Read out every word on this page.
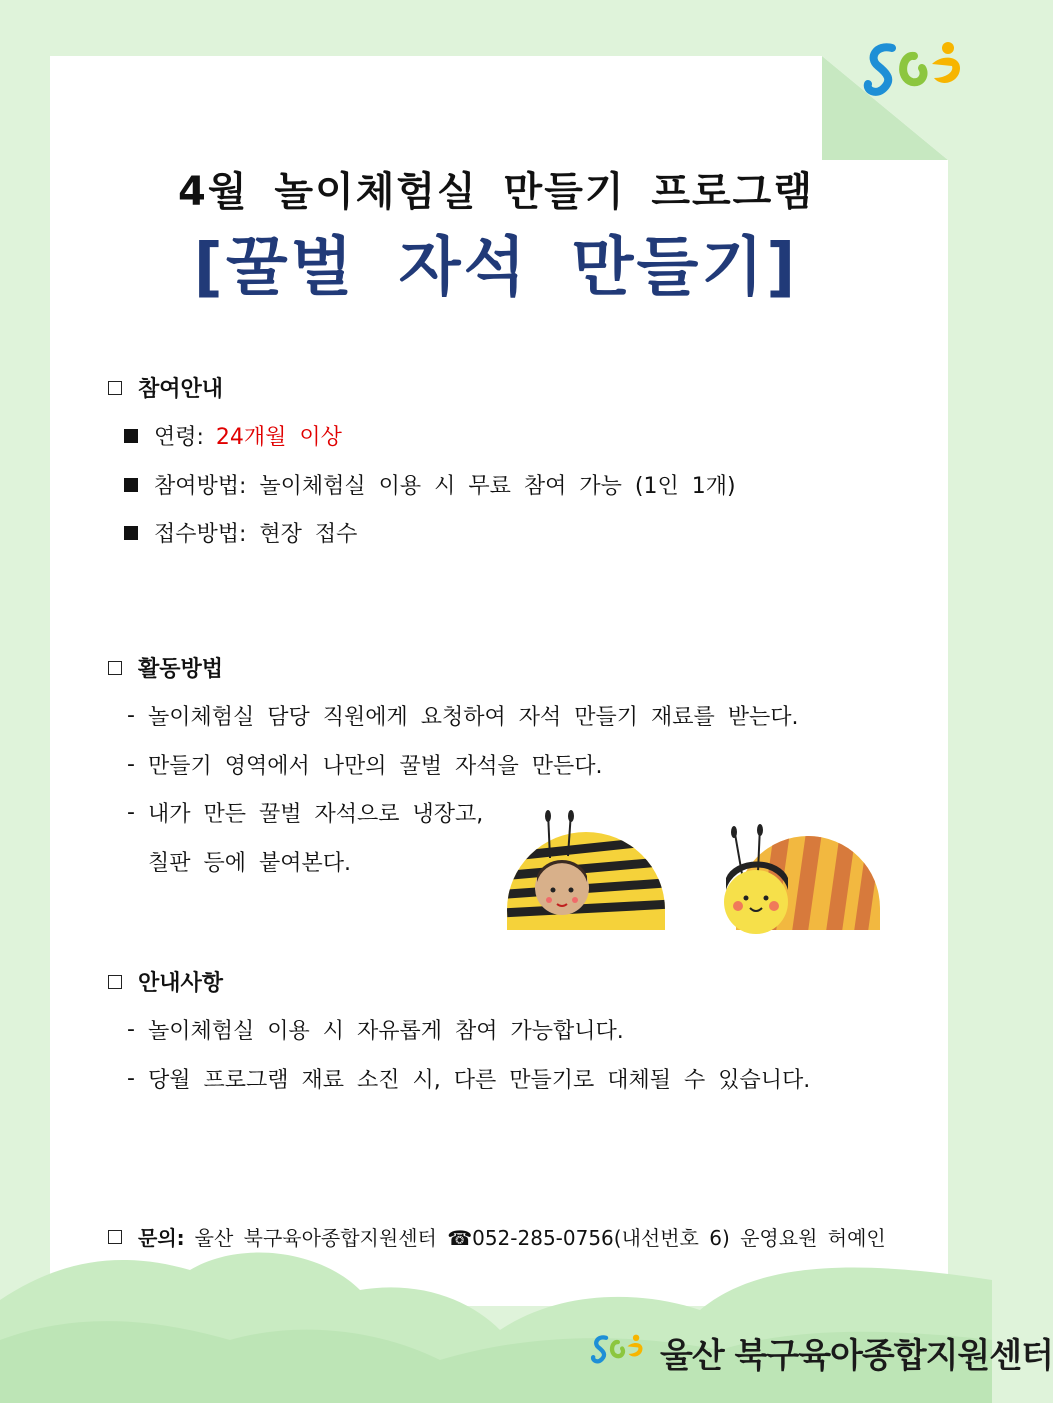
4월 놀이체험실 만들기 프로그램
[꿀벌 자석 만들기]
참여안내
연령: 24개월 이상
참여방법: 놀이체험실 이용 시 무료 참여 가능 (1인 1개)
접수방법: 현장 접수
활동방법
- 놀이체험실 담당 직원에게 요청하여 자석 만들기 재료를 받는다.
- 만들기 영역에서 나만의 꿀벌 자석을 만든다.
- 내가 만든 꿀벌 자석으로 냉장고,
칠판 등에 붙여본다.
안내사항
- 놀이체험실 이용 시 자유롭게 참여 가능합니다.
- 당월 프로그램 재료 소진 시, 다른 만들기로 대체될 수 있습니다.
문의: 울산 북구육아종합지원센터 ☎052-285-0756(내선번호 6) 운영요원 허예인
울산 북구육아종합지원센터
